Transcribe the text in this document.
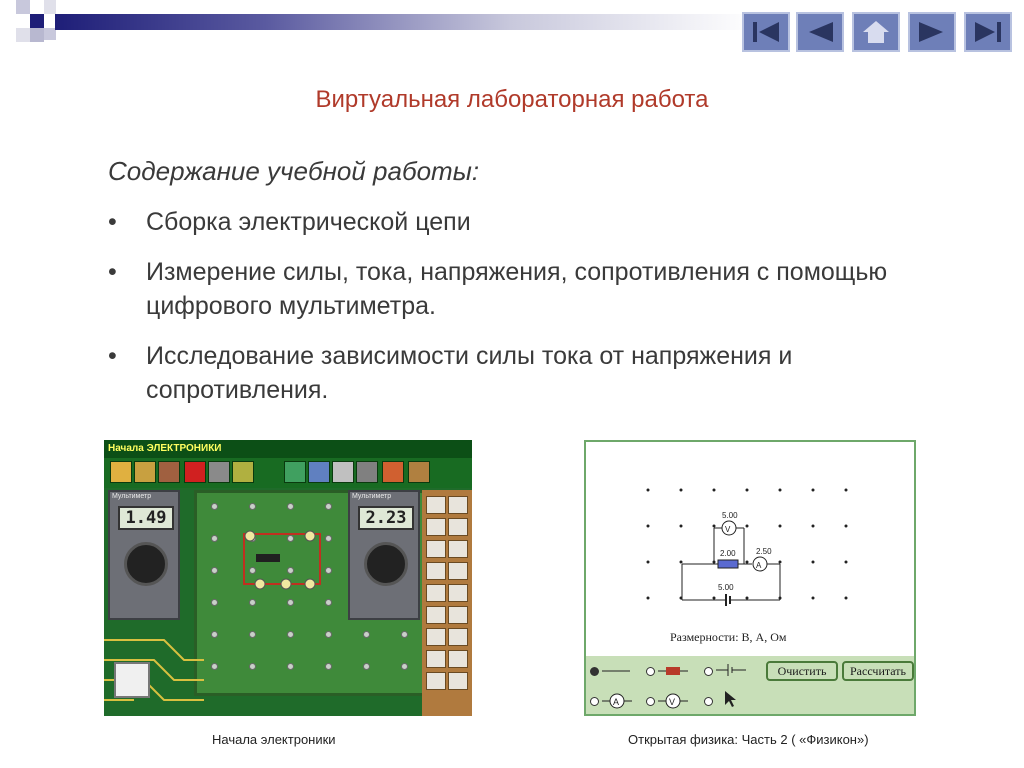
Виртуальная лабораторная работа
Содержание учебной работы:
•	Сборка электрической цепи
•	Измерение силы, тока, напряжения, сопротивления с помощью цифрового мультиметра.
•	Исследование зависимости силы тока от напряжения и сопротивления.
Начала ЭЛЕКТРОНИКИ
Мультиметр
1.49
Мультиметр
2.23
Начала электроники
V
A
5.00
2.00	2.50
5.00
Размерности: В, А, Ом
Очистить	Рассчитать
A	V
Открытая физика: Часть 2 ( «Физикон»)
